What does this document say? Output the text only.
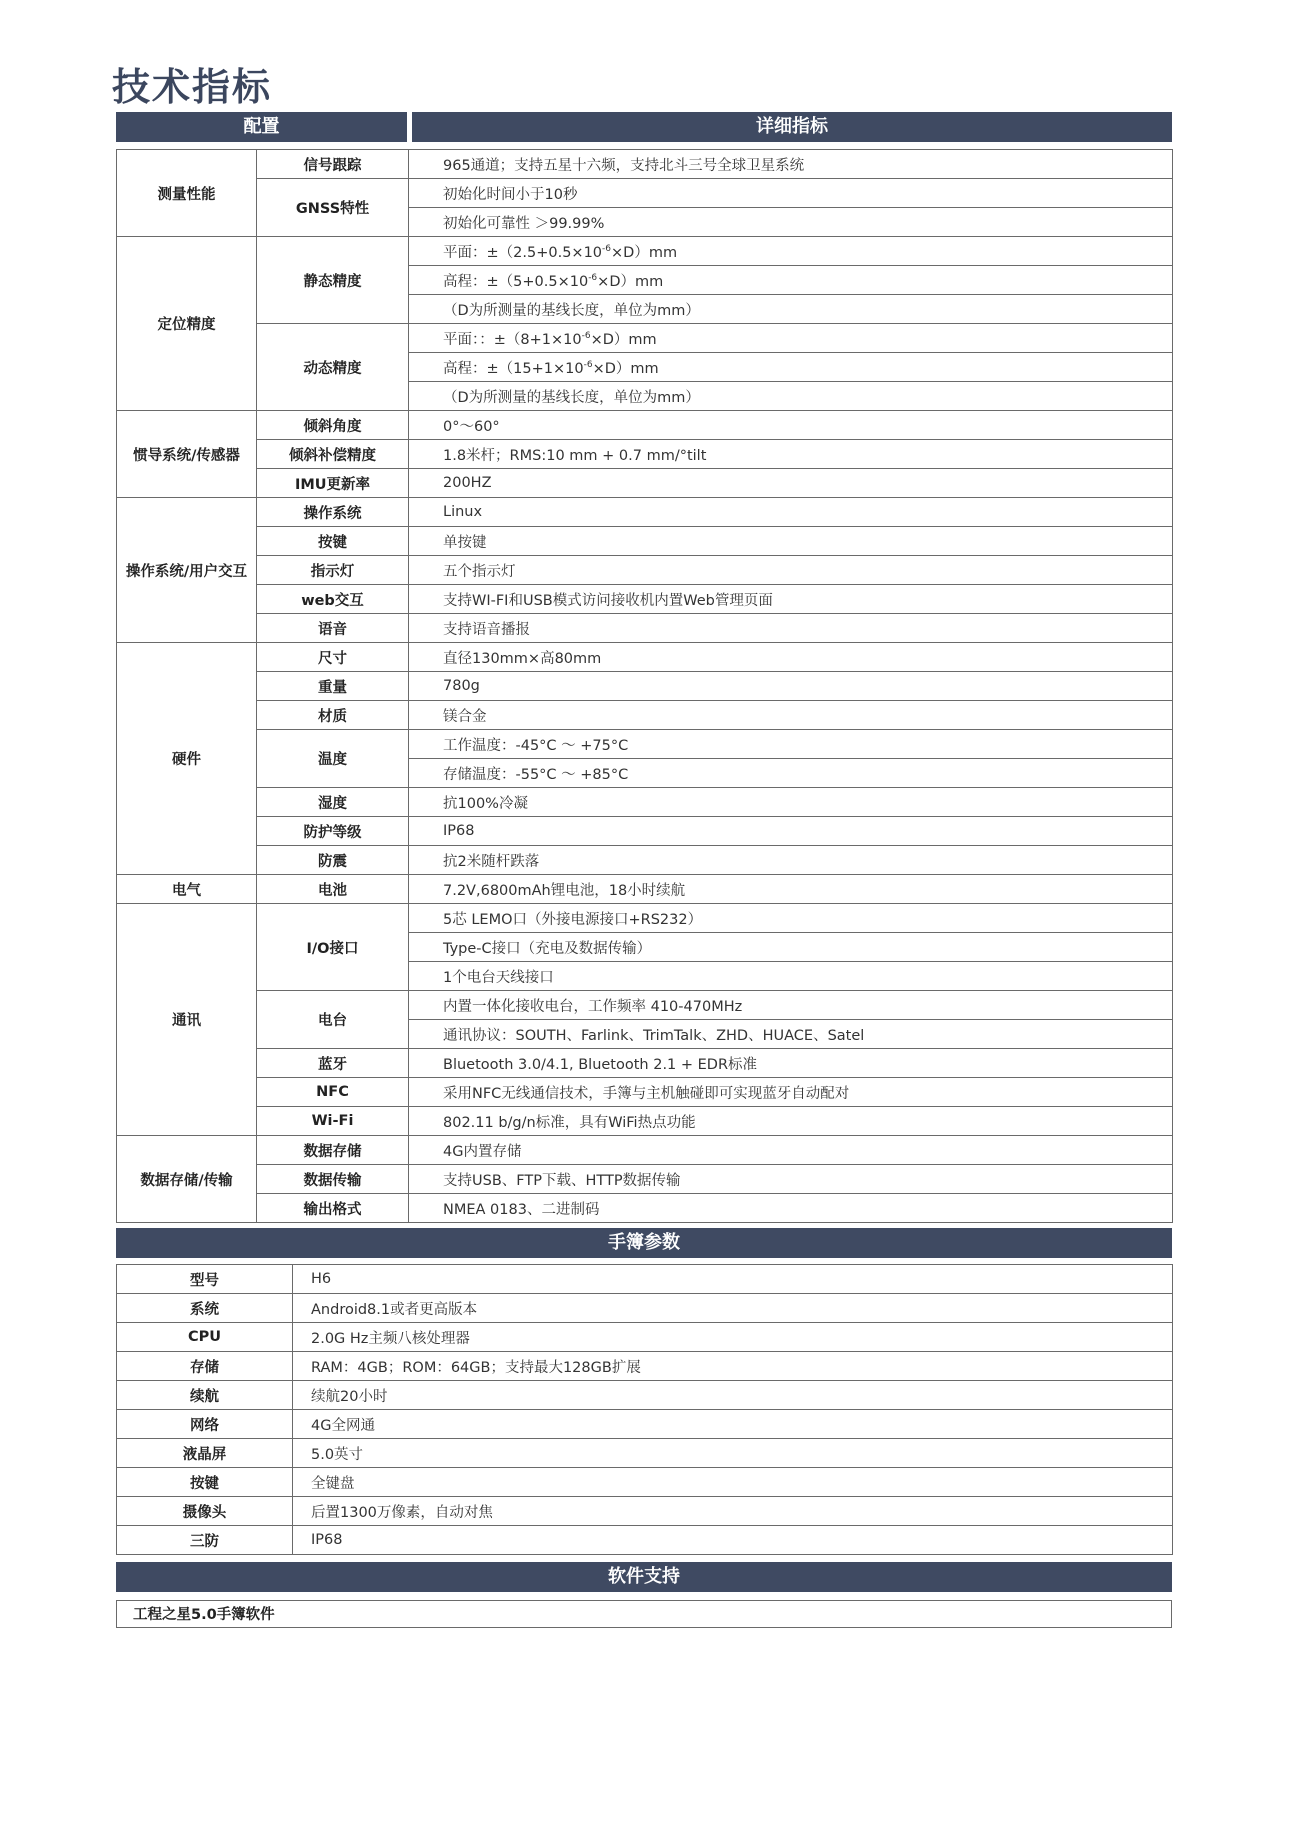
技术指标
配置	详细指标
测量性能	信号跟踪	965通道；支持五星十六频，支持北斗三号全球卫星系统
	GNSS特性	初始化时间小于10秒
		初始化可靠性 ＞99.99%
定位精度	静态精度	平面：$\pm(2.5+0.5\times 10^{-6}\times D)mm$
		高程：$\pm(5+0.5\times 10^{-6}\times D)mm$
		（D为所测量的基线长度，单位为mm）
	动态精度	平面：：$\pm(8+1\times 10^{-6}\times D)mm$
		高程：$\pm(15+1\times 10^{-6}\times D)mm$
		（D为所测量的基线长度，单位为mm）
惯导系统/传感器	倾斜角度	0°～60°
	倾斜补偿精度	1.8米杆；RMS:10 mm + 0.7 mm/°tilt
	IMU更新率	200HZ
操作系统/用户交互	操作系统	Linux
	按键	单按键
	指示灯	五个指示灯
	web交互	支持WI-FI和USB模式访问接收机内置Web管理页面
	语音	支持语音播报
硬件	尺寸	直径130mm×高80mm
	重量	780g
	材质	镁合金
	温度	工作温度：-45°C ～ +75°C
		存储温度：-55°C ～ +85°C
	湿度	抗100%冷凝
	防护等级	IP68
	防震	抗2米随杆跌落
电气	电池	7.2V,6800mAh锂电池，18小时续航
通讯	I/O接口	5芯 LEMO口（外接电源接口+RS232）
		Type-C接口（充电及数据传输）
		1个电台天线接口
	电台	内置一体化接收电台，工作频率 410-470MHz
		通讯协议：SOUTH、Farlink、TrimTalk、ZHD、HUACE、Satel
	蓝牙	Bluetooth 3.0/4.1, Bluetooth 2.1 + EDR标准
	NFC	采用NFC无线通信技术，手簿与主机触碰即可实现蓝牙自动配对
	Wi-Fi	802.11 b/g/n标准，具有WiFi热点功能
数据存储/传输	数据存储	4G内置存储
	数据传输	支持USB、FTP下载、HTTP数据传输
	输出格式	NMEA 0183、二进制码
手簿参数
型号	H6
系统	Android8.1或者更高版本
CPU	2.0G Hz主频八核处理器
存储	RAM：4GB；ROM：64GB；支持最大128GB扩展
续航	续航20小时
网络	4G全网通
液晶屏	5.0英寸
按键	全键盘
摄像头	后置1300万像素，自动对焦
三防	IP68
软件支持
工程之星5.0手簿软件
